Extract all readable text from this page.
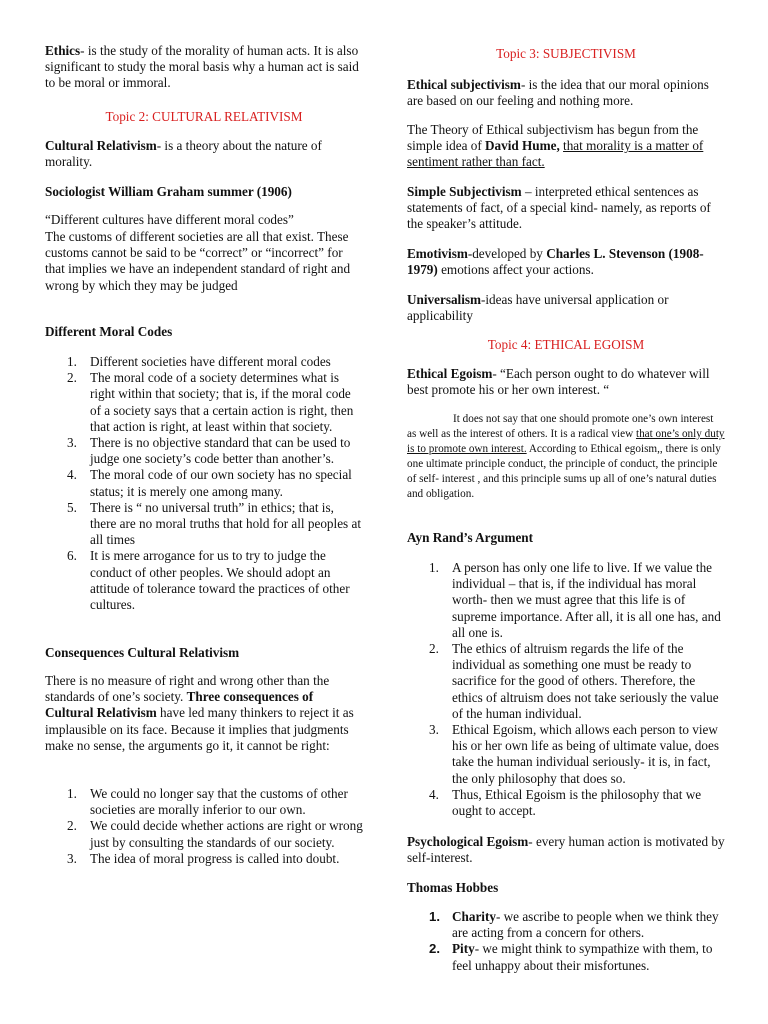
Ethics- is the study of the morality of human acts. It is also significant to study the moral basis why a human act is said to be moral or immoral.

Topic 2: CULTURAL RELATIVISM

Cultural Relativism- is a theory about the nature of morality.

Sociologist William Graham summer (1906)

“Different cultures have different moral codes”

The customs of different societies are all that exist. These customs cannot be said to be “correct” or “incorrect” for that implies we have an independent standard of right and wrong by which they may be judged

Different Moral Codes

1. Different societies have different moral codes
2. The moral code of a society determines what is right within that society; that is, if the moral code of a society says that a certain action is right, then that action is right, at least within that society.
3. There is no objective standard that can be used to judge one society’s code better than another’s.
4. The moral code of our own society has no special status; it is merely one among many.
5. There is “ no universal truth” in ethics; that is, there are no moral truths that hold for all peoples at all times
6. It is mere arrogance for us to try to judge the conduct of other peoples. We should adopt an attitude of tolerance toward the practices of other cultures.

Consequences Cultural Relativism

There is no measure of right and wrong other than the standards of one’s society. Three consequences of Cultural Relativism have led many thinkers to reject it as implausible on its face. Because it implies that judgments make no sense, the arguments go it, it cannot be right:

1. We could no longer say that the customs of other societies are morally inferior to our own.
2. We could decide whether actions are right or wrong just by consulting the standards of our society.
3. The idea of moral progress is called into doubt.

Topic 3: SUBJECTIVISM

Ethical subjectivism- is the idea that our moral opinions are based on our feeling and nothing more.

The Theory of Ethical subjectivism has begun from the simple idea of David Hume, that morality is a matter of sentiment rather than fact.

Simple Subjectivism – interpreted ethical sentences as statements of fact, of a special kind- namely, as reports of the speaker’s attitude.

Emotivism-developed by Charles L. Stevenson (1908-1979) emotions affect your actions.

Universalism-ideas have universal application or applicability

Topic 4: ETHICAL EGOISM

Ethical Egoism- “Each person ought to do whatever will best promote his or her own interest. “

It does not say that one should promote one’s own interest as well as the interest of others. It is a radical view that one’s only duty is to promote own interest. According to Ethical egoism,, there is only one ultimate principle conduct, the principle of conduct, the principle of self- interest , and this principle sums up all of one’s natural duties and obligation.

Ayn Rand’s Argument

1. A person has only one life to live. If we value the individual – that is, if the individual has moral worth- then we must agree that this life is of supreme importance. After all, it is all one has, and all one is.
2. The ethics of altruism regards the life of the individual as something one must be ready to sacrifice for the good of others. Therefore, the ethics of altruism does not take seriously the value of the human individual.
3. Ethical Egoism, which allows each person to view his or her own life as being of ultimate value, does take the human individual seriously- it is, in fact, the only philosophy that does so.
4. Thus, Ethical Egoism is the philosophy that we ought to accept.

Psychological Egoism- every human action is motivated by self-interest.

Thomas Hobbes

1. Charity- we ascribe to people when we think they are acting from a concern for others.
2. Pity- we might think to sympathize with them, to feel unhappy about their misfortunes.
